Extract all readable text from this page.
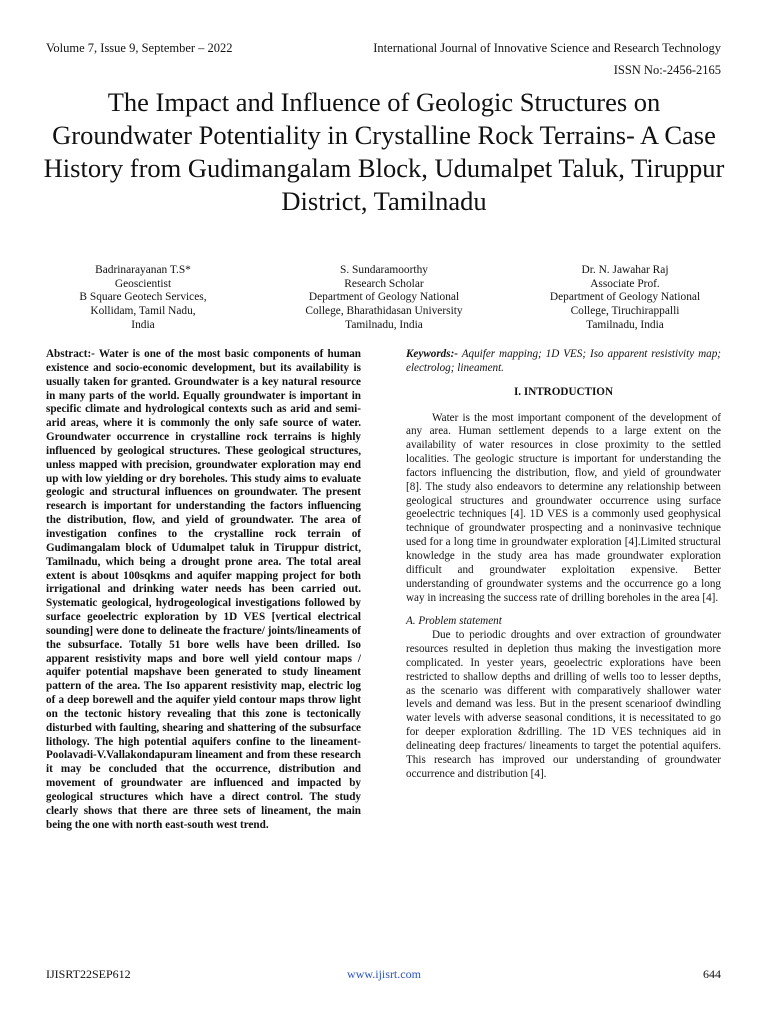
Volume 7, Issue 9, September – 2022	International Journal of Innovative Science and Research Technology
ISSN No:-2456-2165
The Impact and Influence of Geologic Structures on Groundwater Potentiality in Crystalline Rock Terrains- A Case History from Gudimangalam Block, Udumalpet Taluk, Tiruppur District, Tamilnadu
Badrinarayanan T.S*
Geoscientist
B Square Geotech Services,
Kollidam, Tamil Nadu,
India
S. Sundaramoorthy
Research Scholar
Department of Geology National
College, Bharathidasan University
Tamilnadu, India
Dr. N. Jawahar Raj
Associate Prof.
Department of Geology National
College, Tiruchirappalli
Tamilnadu, India
Abstract:- Water is one of the most basic components of human existence and socio-economic development, but its availability is usually taken for granted. Groundwater is a key natural resource in many parts of the world. Equally groundwater is important in specific climate and hydrological contexts such as arid and semi-arid areas, where it is commonly the only safe source of water. Groundwater occurrence in crystalline rock terrains is highly influenced by geological structures. These geological structures, unless mapped with precision, groundwater exploration may end up with low yielding or dry boreholes. This study aims to evaluate geologic and structural influences on groundwater. The present research is important for understanding the factors influencing the distribution, flow, and yield of groundwater. The area of investigation confines to the crystalline rock terrain of Gudimangalam block of Udumalpet taluk in Tiruppur district, Tamilnadu, which being a drought prone area. The total areal extent is about 100sqkms and aquifer mapping project for both irrigational and drinking water needs has been carried out. Systematic geological, hydrogeological investigations followed by surface geoelectric exploration by 1D VES [vertical electrical sounding] were done to delineate the fracture/ joints/lineaments of the subsurface. Totally 51 bore wells have been drilled. Iso apparent resistivity maps and bore well yield contour maps / aquifer potential mapshave been generated to study lineament pattern of the area. The Iso apparent resistivity map, electric log of a deep borewell and the aquifer yield contour maps throw light on the tectonic history revealing that this zone is tectonically disturbed with faulting, shearing and shattering of the subsurface lithology. The high potential aquifers confine to the lineament-Poolavadi-V.Vallakondapuram lineament and from these research it may be concluded that the occurrence, distribution and movement of groundwater are influenced and impacted by geological structures which have a direct control. The study clearly shows that there are three sets of lineament, the main being the one with north east-south west trend.

Keywords:- Aquifer mapping; 1D VES; Iso apparent resistivity map; electrolog; lineament.

I. INTRODUCTION

Water is the most important component of the development of any area. Human settlement depends to a large extent on the availability of water resources in close proximity to the settled localities. The geologic structure is important for understanding the factors influencing the distribution, flow, and yield of groundwater [8]. The study also endeavors to determine any relationship between geological structures and groundwater occurrence using surface geoelectric techniques [4]. 1D VES is a commonly used geophysical technique of groundwater prospecting and a noninvasive technique used for a long time in groundwater exploration [4].Limited structural knowledge in the study area has made groundwater exploration difficult and groundwater exploitation expensive. Better understanding of groundwater systems and the occurrence go a long way in increasing the success rate of drilling boreholes in the area [4].

A. Problem statement

Due to periodic droughts and over extraction of groundwater resources resulted in depletion thus making the investigation more complicated. In yester years, geoelectric explorations have been restricted to shallow depths and drilling of wells too to lesser depths, as the scenario was different with comparatively shallower water levels and demand was less. But in the present scenarioof dwindling water levels with adverse seasonal conditions, it is necessitated to go for deeper exploration &drilling. The 1D VES techniques aid in delineating deep fractures/ lineaments to target the potential aquifers. This research has improved our understanding of groundwater occurrence and distribution [4].

IJISRT22SEP612	www.ijisrt.com	644
